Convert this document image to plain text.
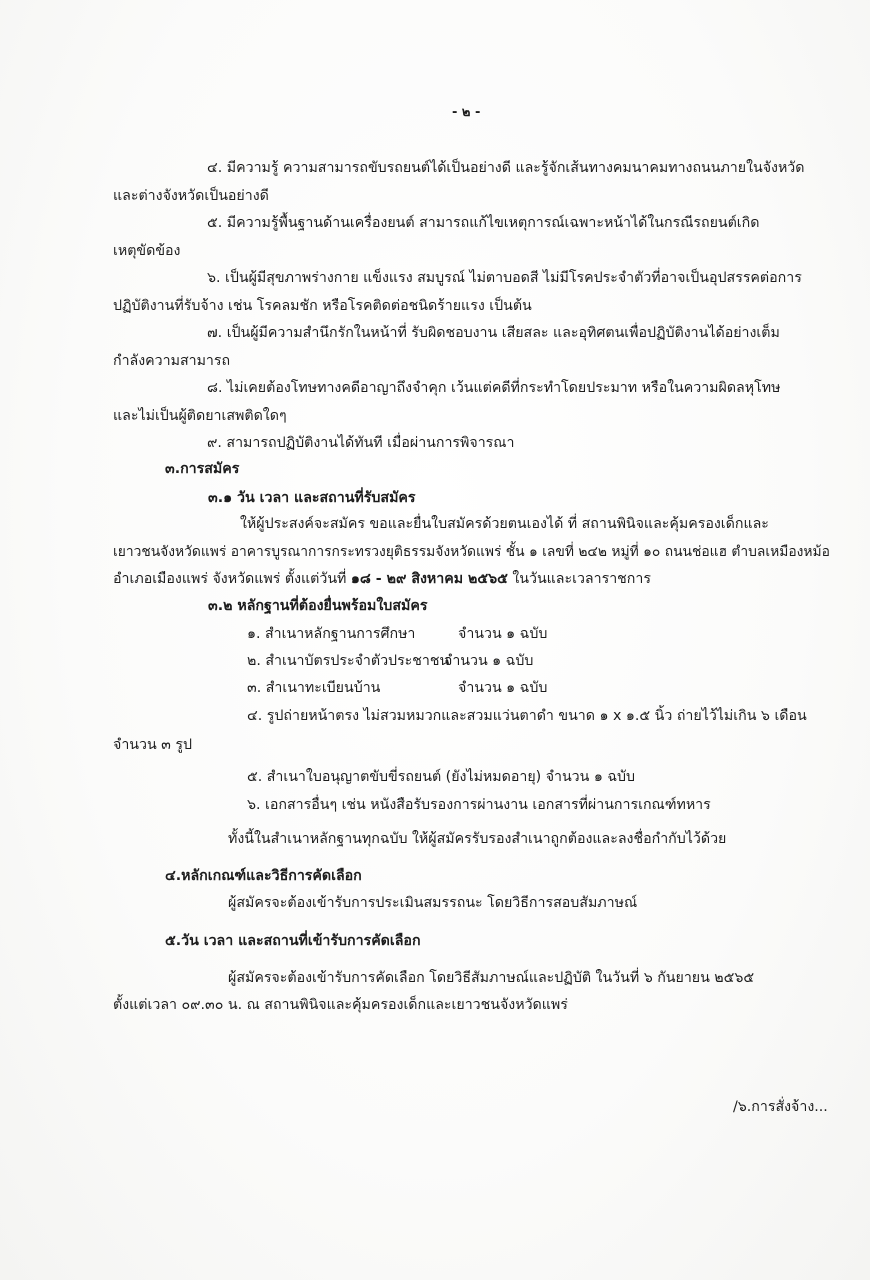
- ๒ -
๔. มีความรู้ ความสามารถขับรถยนต์ได้เป็นอย่างดี และรู้จักเส้นทางคมนาคมทางถนนภายในจังหวัด
และต่างจังหวัดเป็นอย่างดี
๕. มีความรู้พื้นฐานด้านเครื่องยนต์ สามารถแก้ไขเหตุการณ์เฉพาะหน้าได้ในกรณีรถยนต์เกิด
เหตุขัดข้อง
๖. เป็นผู้มีสุขภาพร่างกาย แข็งแรง สมบูรณ์ ไม่ตาบอดสี ไม่มีโรคประจำตัวที่อาจเป็นอุปสรรคต่อการ
ปฏิบัติงานที่รับจ้าง เช่น โรคลมชัก หรือโรคติดต่อชนิดร้ายแรง เป็นต้น
๗. เป็นผู้มีความสำนึกรักในหน้าที่ รับผิดชอบงาน เสียสละ และอุทิศตนเพื่อปฏิบัติงานได้อย่างเต็ม
กำลังความสามารถ
๘. ไม่เคยต้องโทษทางคดีอาญาถึงจำคุก เว้นแต่คดีที่กระทำโดยประมาท หรือในความผิดลหุโทษ
และไม่เป็นผู้ติดยาเสพติดใดๆ
๙. สามารถปฏิบัติงานได้ทันที เมื่อผ่านการพิจารณา
๓.การสมัคร
๓.๑ วัน เวลา และสถานที่รับสมัคร
ให้ผู้ประสงค์จะสมัคร ขอและยื่นใบสมัครด้วยตนเองได้ ที่ สถานพินิจและคุ้มครองเด็กและ
เยาวชนจังหวัดแพร่ อาคารบูรณาการกระทรวงยุติธรรมจังหวัดแพร่ ชั้น ๑ เลขที่ ๒๔๒ หมู่ที่ ๑๐ ถนนช่อแฮ ตำบลเหมืองหม้อ
อำเภอเมืองแพร่ จังหวัดแพร่ ตั้งแต่วันที่ ๑๘ - ๒๙ สิงหาคม ๒๕๖๕ ในวันและเวลาราชการ
๓.๒ หลักฐานที่ต้องยื่นพร้อมใบสมัคร
๑. สำเนาหลักฐานการศึกษา	จำนวน ๑ ฉบับ
๒. สำเนาบัตรประจำตัวประชาชน
จำนวน ๑ ฉบับ
๓. สำเนาทะเบียนบ้าน	จำนวน ๑ ฉบับ
๔. รูปถ่ายหน้าตรง ไม่สวมหมวกและสวมแว่นตาดำ ขนาด ๑ x ๑.๕ นิ้ว ถ่ายไว้ไม่เกิน ๖ เดือน
จำนวน ๓ รูป
๕. สำเนาใบอนุญาตขับขี่รถยนต์ (ยังไม่หมดอายุ) จำนวน ๑ ฉบับ
๖. เอกสารอื่นๆ เช่น หนังสือรับรองการผ่านงาน เอกสารที่ผ่านการเกณฑ์ทหาร
ทั้งนี้ในสำเนาหลักฐานทุกฉบับ ให้ผู้สมัครรับรองสำเนาถูกต้องและลงชื่อกำกับไว้ด้วย
๔.หลักเกณฑ์และวิธีการคัดเลือก
ผู้สมัครจะต้องเข้ารับการประเมินสมรรถนะ โดยวิธีการสอบสัมภาษณ์
๕.วัน เวลา และสถานที่เข้ารับการคัดเลือก
ผู้สมัครจะต้องเข้ารับการคัดเลือก โดยวิธีสัมภาษณ์และปฏิบัติ ในวันที่ ๖ กันยายน ๒๕๖๕
ตั้งแต่เวลา ๐๙.๓๐ น. ณ สถานพินิจและคุ้มครองเด็กและเยาวชนจังหวัดแพร่
/๖.การสั่งจ้าง...
